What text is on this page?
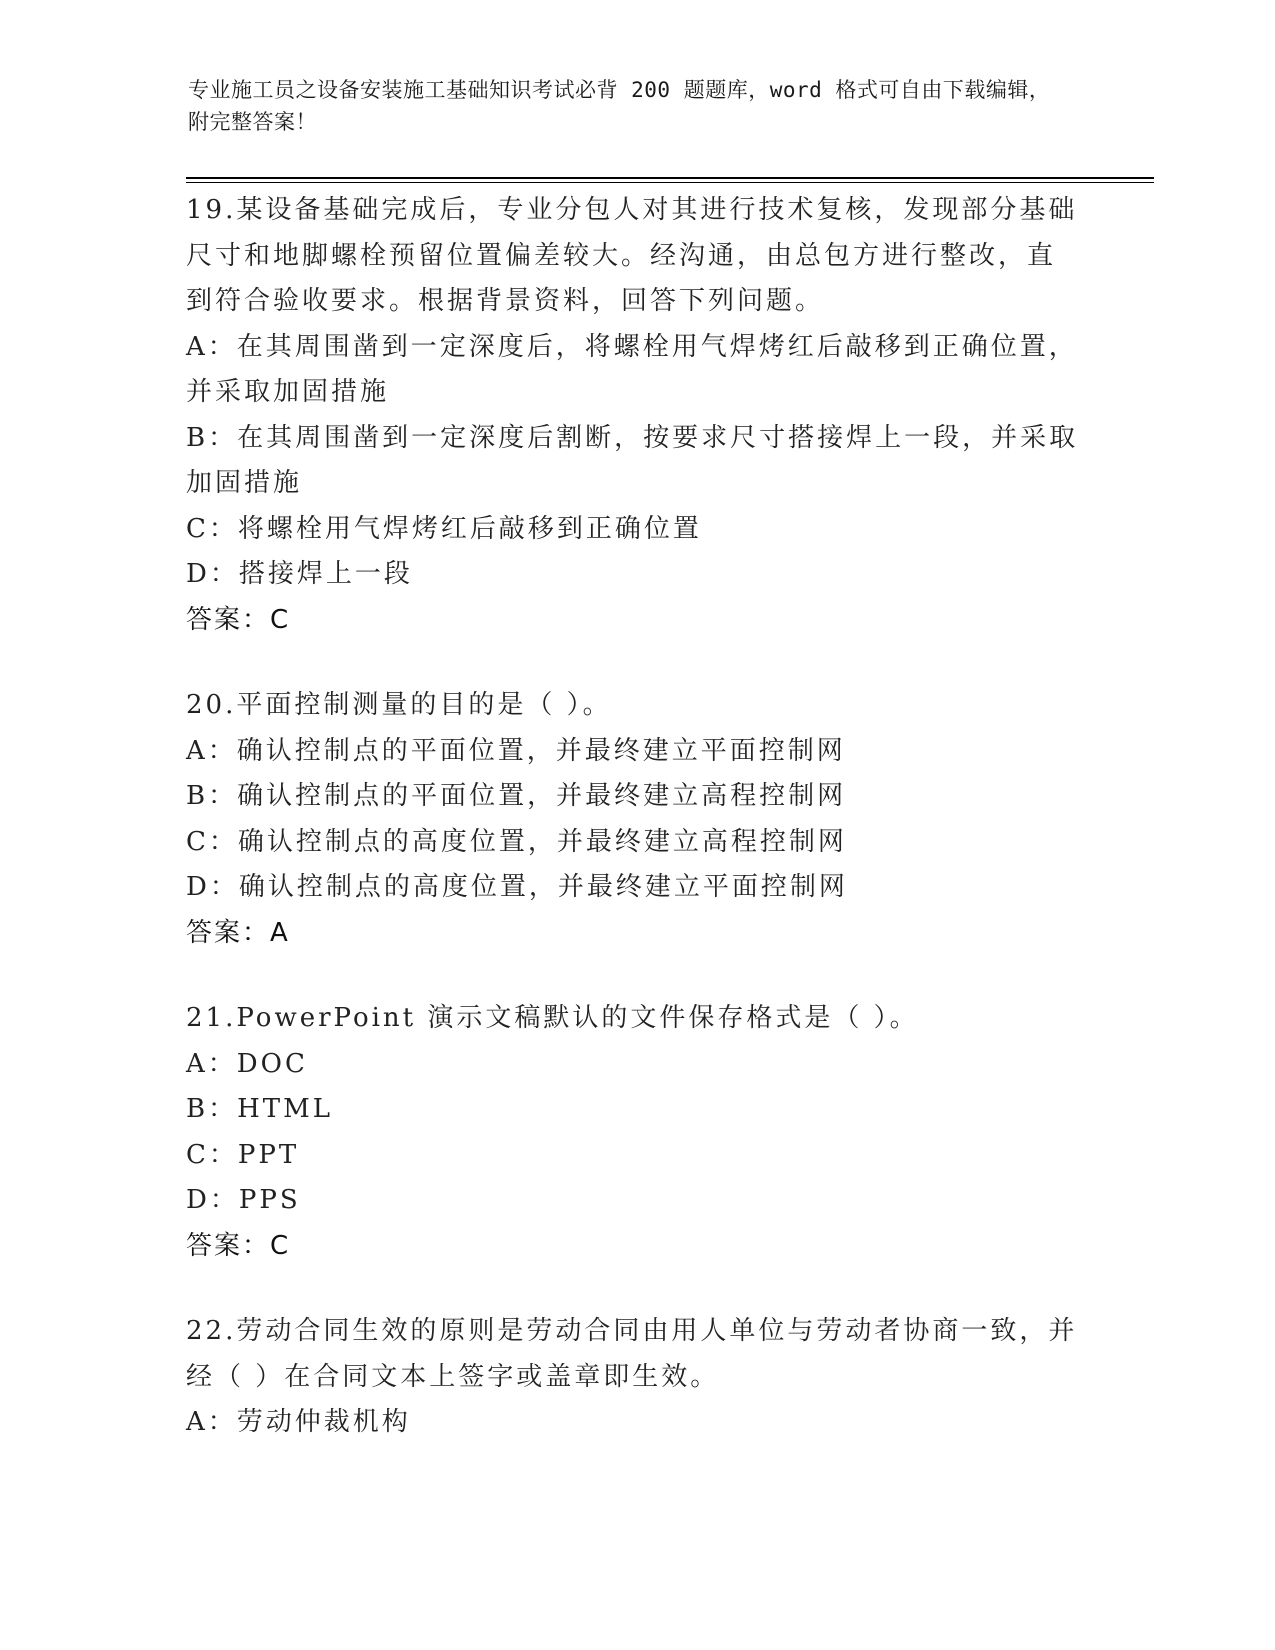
专业施工员之设备安装施工基础知识考试必背 200 题题库，word 格式可自由下载编辑，附完整答案！
19.某设备基础完成后，专业分包人对其进行技术复核，发现部分基础
尺寸和地脚螺栓预留位置偏差较大。经沟通，由总包方进行整改，直
到符合验收要求。根据背景资料，回答下列问题。
A：在其周围凿到一定深度后，将螺栓用气焊烤红后敲移到正确位置，
并采取加固措施
B：在其周围凿到一定深度后割断，按要求尺寸搭接焊上一段，并采取
加固措施
C：将螺栓用气焊烤红后敲移到正确位置
D：搭接焊上一段
答案：C
20.平面控制测量的目的是（ ）。
A：确认控制点的平面位置，并最终建立平面控制网
B：确认控制点的平面位置，并最终建立高程控制网
C：确认控制点的高度位置，并最终建立高程控制网
D：确认控制点的高度位置，并最终建立平面控制网
答案：A
21.PowerPoint 演示文稿默认的文件保存格式是（ ）。
A：DOC
B：HTML
C：PPT
D：PPS
答案：C
22.劳动合同生效的原则是劳动合同由用人单位与劳动者协商一致，并
经（ ）在合同文本上签字或盖章即生效。
A：劳动仲裁机构
